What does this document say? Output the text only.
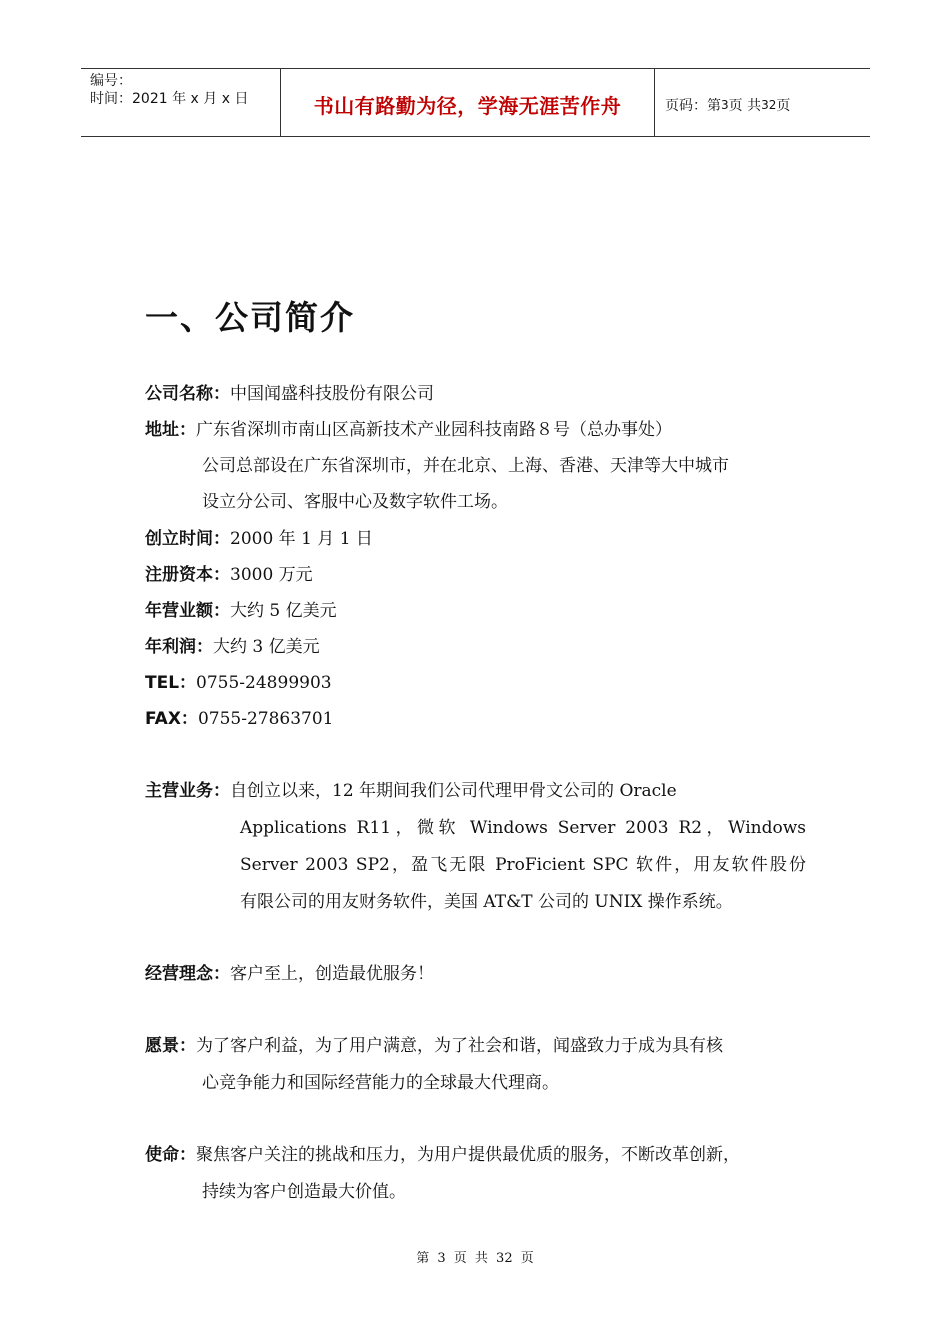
编号：
时间：2021 年 x 月 x 日	书山有路勤为径，学海无涯苦作舟	页码：第 3 页 共 32 页
一、公司简介
公司名称：中国闻盛科技股份有限公司
地址：广东省深圳市南山区高新技术产业园科技南路８号（总办事处）
公司总部设在广东省深圳市，并在北京、上海、香港、天津等大中城市
设立分公司、客服中心及数字软件工场。
创立时间：2000 年 1 月 1 日
注册资本：3000 万元
年营业额：大约 5 亿美元
年利润：大约 3 亿美元
TEL：0755-24899903
FAX：0755-27863701
主营业务：自创立以来，12 年期间我们公司代理甲骨文公司的 Oracle
Applications R11，微软 Windows Server 2003 R2，Windows
Server 2003 SP2，盈飞无限 ProFicient SPC 软件，用友软件股份
有限公司的用友财务软件，美国 AT&T 公司的 UNIX 操作系统。
经营理念：客户至上，创造最优服务！
愿景：为了客户利益，为了用户满意，为了社会和谐，闻盛致力于成为具有核
心竞争能力和国际经营能力的全球最大代理商。
使命：聚焦客户关注的挑战和压力，为用户提供最优质的服务，不断改革创新，
持续为客户创造最大价值。
第 3 页 共 32 页
